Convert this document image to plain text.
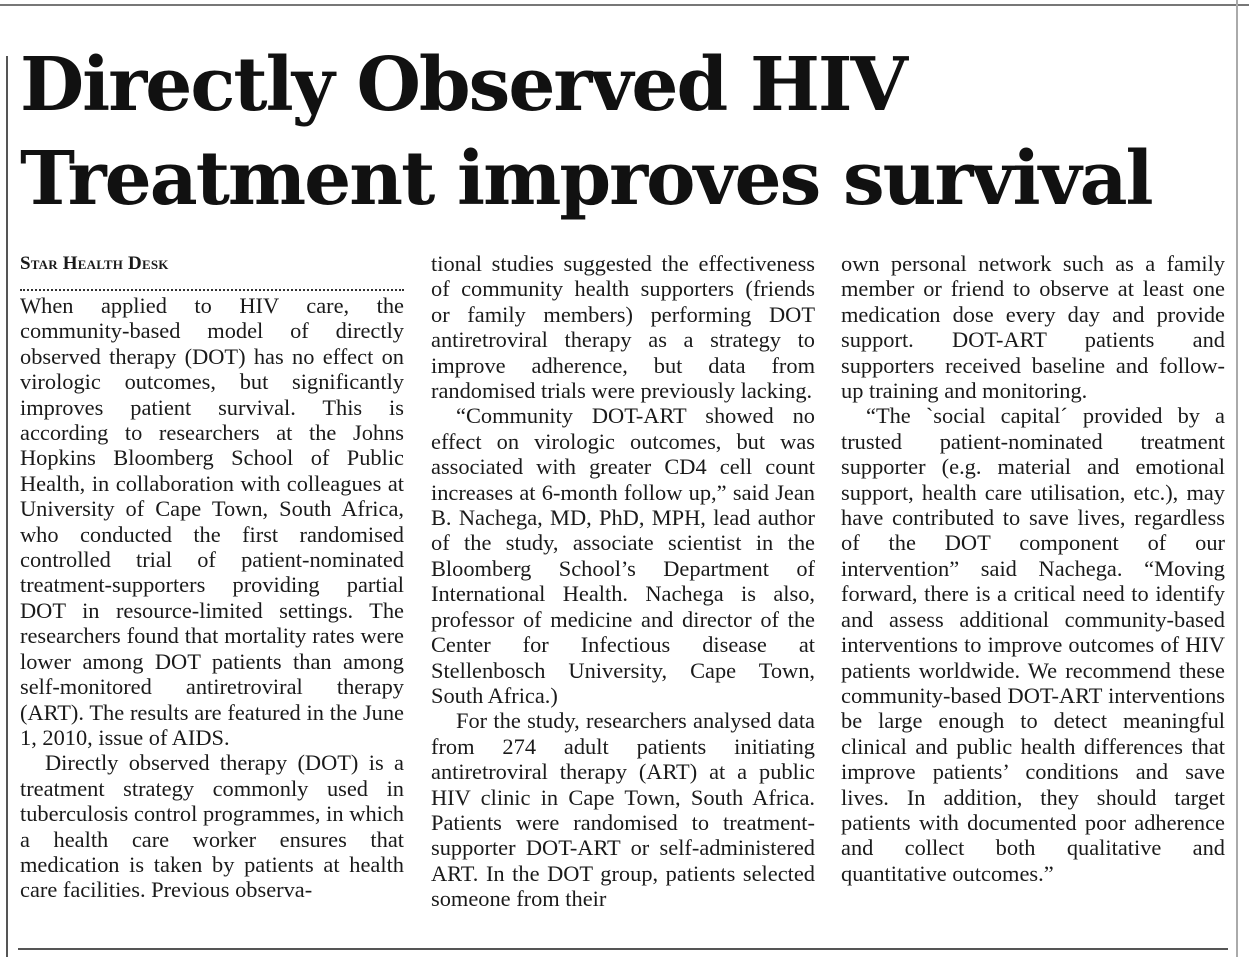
Directly Observed HIV Treatment improves survival
Star Health Desk

When applied to HIV care, the community-based model of directly observed therapy (DOT) has no effect on virologic outcomes, but significantly improves patient survival. This is according to researchers at the Johns Hopkins Bloomberg School of Public Health, in collaboration with colleagues at University of Cape Town, South Africa, who conducted the first randomised controlled trial of patient-nominated treatment-supporters providing partial DOT in resource-limited settings. The researchers found that mortality rates were lower among DOT patients than among self-monitored antiretroviral therapy (ART). The results are featured in the June 1, 2010, issue of AIDS.

Directly observed therapy (DOT) is a treatment strategy commonly used in tuberculosis control programmes, in which a health care worker ensures that medication is taken by patients at health care facilities. Previous observa-

tional studies suggested the effectiveness of community health supporters (friends or family members) performing DOT antiretroviral therapy as a strategy to improve adherence, but data from randomised trials were previously lacking.

“Community DOT-ART showed no effect on virologic outcomes, but was associated with greater CD4 cell count increases at 6-month follow up,” said Jean B. Nachega, MD, PhD, MPH, lead author of the study, associate scientist in the Bloomberg School’s Department of International Health. Nachega is also, professor of medicine and director of the Center for Infectious disease at Stellenbosch University, Cape Town, South Africa.)

For the study, researchers analysed data from 274 adult patients initiating antiretroviral therapy (ART) at a public HIV clinic in Cape Town, South Africa. Patients were randomised to treatment-supporter DOT-ART or self-administered ART. In the DOT group, patients selected someone from their

own personal network such as a family member or friend to observe at least one medication dose every day and provide support. DOT-ART patients and supporters received baseline and follow-up training and monitoring.

“The `social capital´ provided by a trusted patient-nominated treatment supporter (e.g. material and emotional support, health care utilisation, etc.), may have contributed to save lives, regardless of the DOT component of our intervention” said Nachega. “Moving forward, there is a critical need to identify and assess additional community-based interventions to improve outcomes of HIV patients worldwide. We recommend these community-based DOT-ART interventions be large enough to detect meaningful clinical and public health differences that improve patients’ conditions and save lives. In addition, they should target patients with documented poor adherence and collect both qualitative and quantitative outcomes.”
